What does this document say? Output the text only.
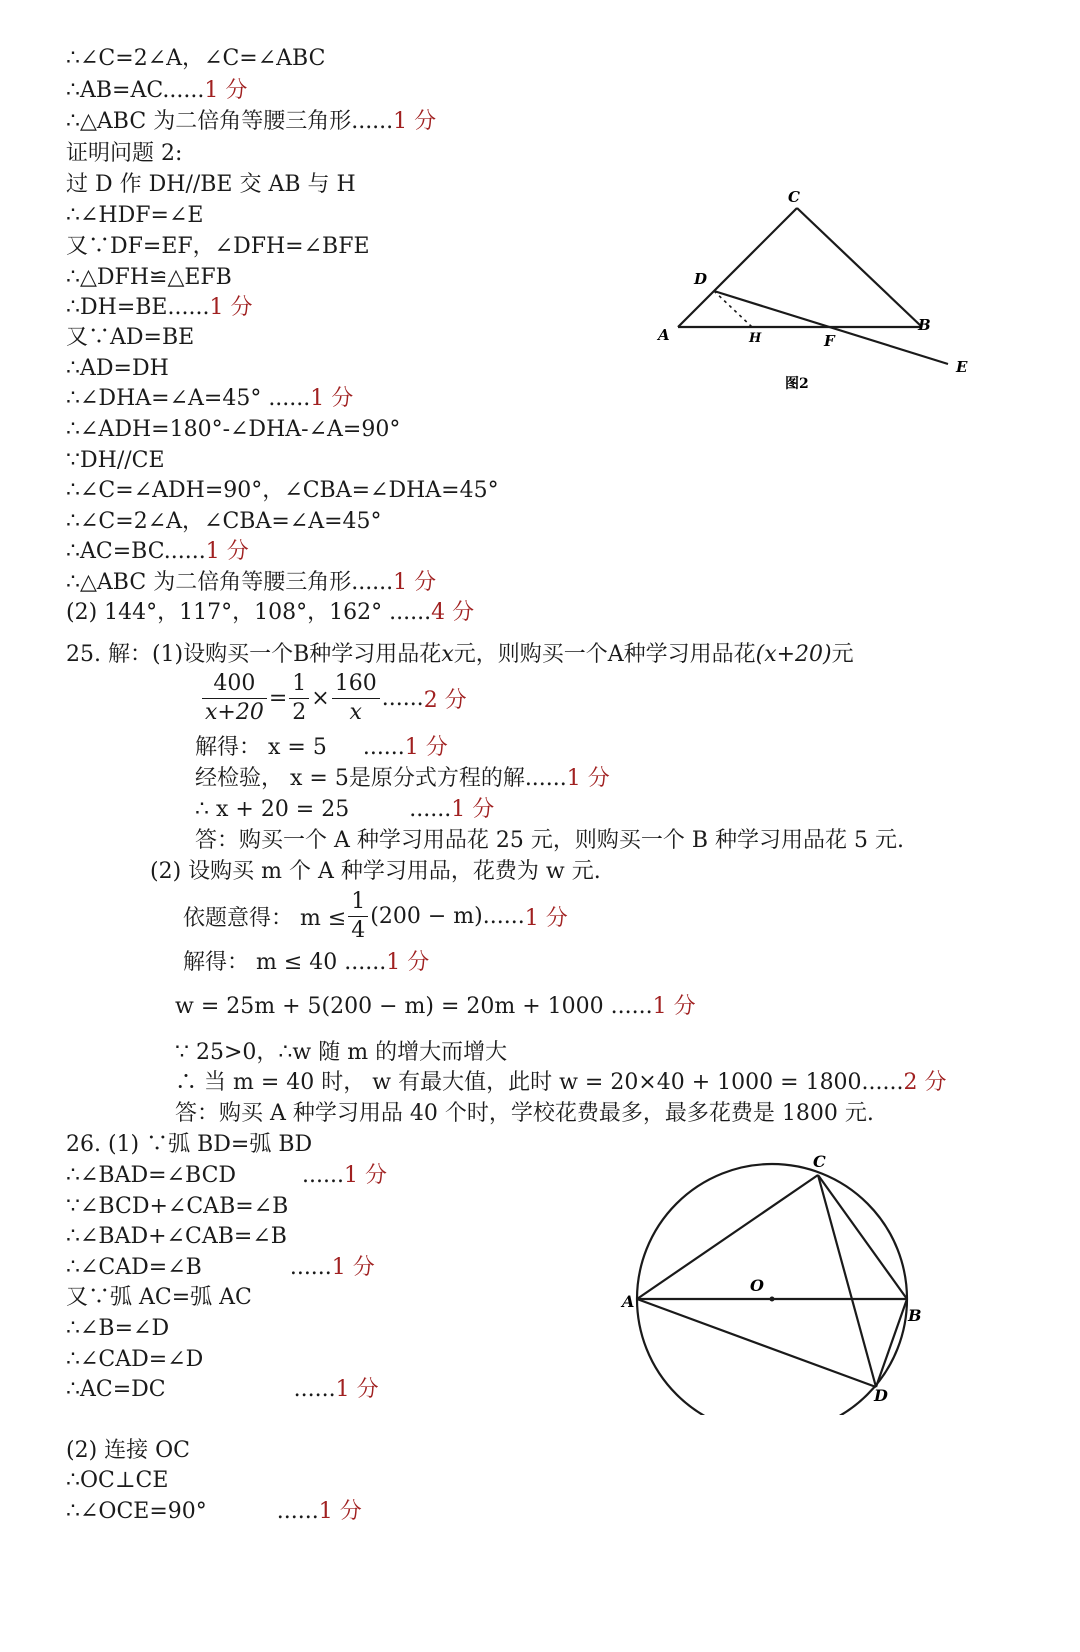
∴∠C=2∠A，∠C=∠ABC
∴AB=AC......1 分
∴△ABC 为二倍角等腰三角形......1 分
证明问题 2:
过 D 作 DH//BE 交 AB 与 H
∴∠HDF=∠E
又∵DF=EF，∠DFH=∠BFE
∴△DFH≌△EFB
∴DH=BE......1 分
又∵AD=BE
∴AD=DH
∴∠DHA=∠A=45° ......1 分
∴∠ADH=180°-∠DHA-∠A=90°
∵DH//CE
∴∠C=∠ADH=90°，∠CBA=∠DHA=45°
∴∠C=2∠A，∠CBA=∠A=45°
∴AC=BC......1 分
∴△ABC 为二倍角等腰三角形......1 分
(2) 144°，117°，108°，162° ......4 分
C
D
A	H	F
B
E
图2
25. 解：(1)设购买一个B种学习用品花x元，则购买一个A种学习用品花(x+20)元
$\frac{400}{x+20} = \frac{1}{2} \times \frac{160}{x} ......2$ 分
解得： x = 5 ......1 分
经检验， x = 5是原分式方程的解......1 分
∴ x + 20 = 25	......1 分
答：购买一个 A 种学习用品花 25 元，则购买一个 B 种学习用品花 5 元.
(2) 设购买 m 个 A 种学习用品，花费为 w 元.
依题意得： $m \le \frac{1}{4} (200 - m)......1$ 分
解得： m ≤ 40 ......1 分
w = 25m + 5(200 − m) = 20m + 1000 ......1 分
∵ 25>0，∴w 随 m 的增大而增大
∴ 当 m = 40 时， w 有最大值，此时 w = 20×40 + 1000 = 1800......2 分
答：购买 A 种学习用品 40 个时，学校花费最多，最多花费是 1800 元.
26. (1) ∵弧 BD=弧 BD
∴∠BAD=∠BCD	......1 分
∵∠BCD+∠CAB=∠B
∴∠BAD+∠CAB=∠B
∴∠CAD=∠B	......1 分
又∵弧 AC=弧 AC
∴∠B=∠D
∴∠CAD=∠D
∴AC=DC	......1 分
(2) 连接 OC
∴OC⊥CE
∴∠OCE=90°	......1 分
C
O
A
B
D
